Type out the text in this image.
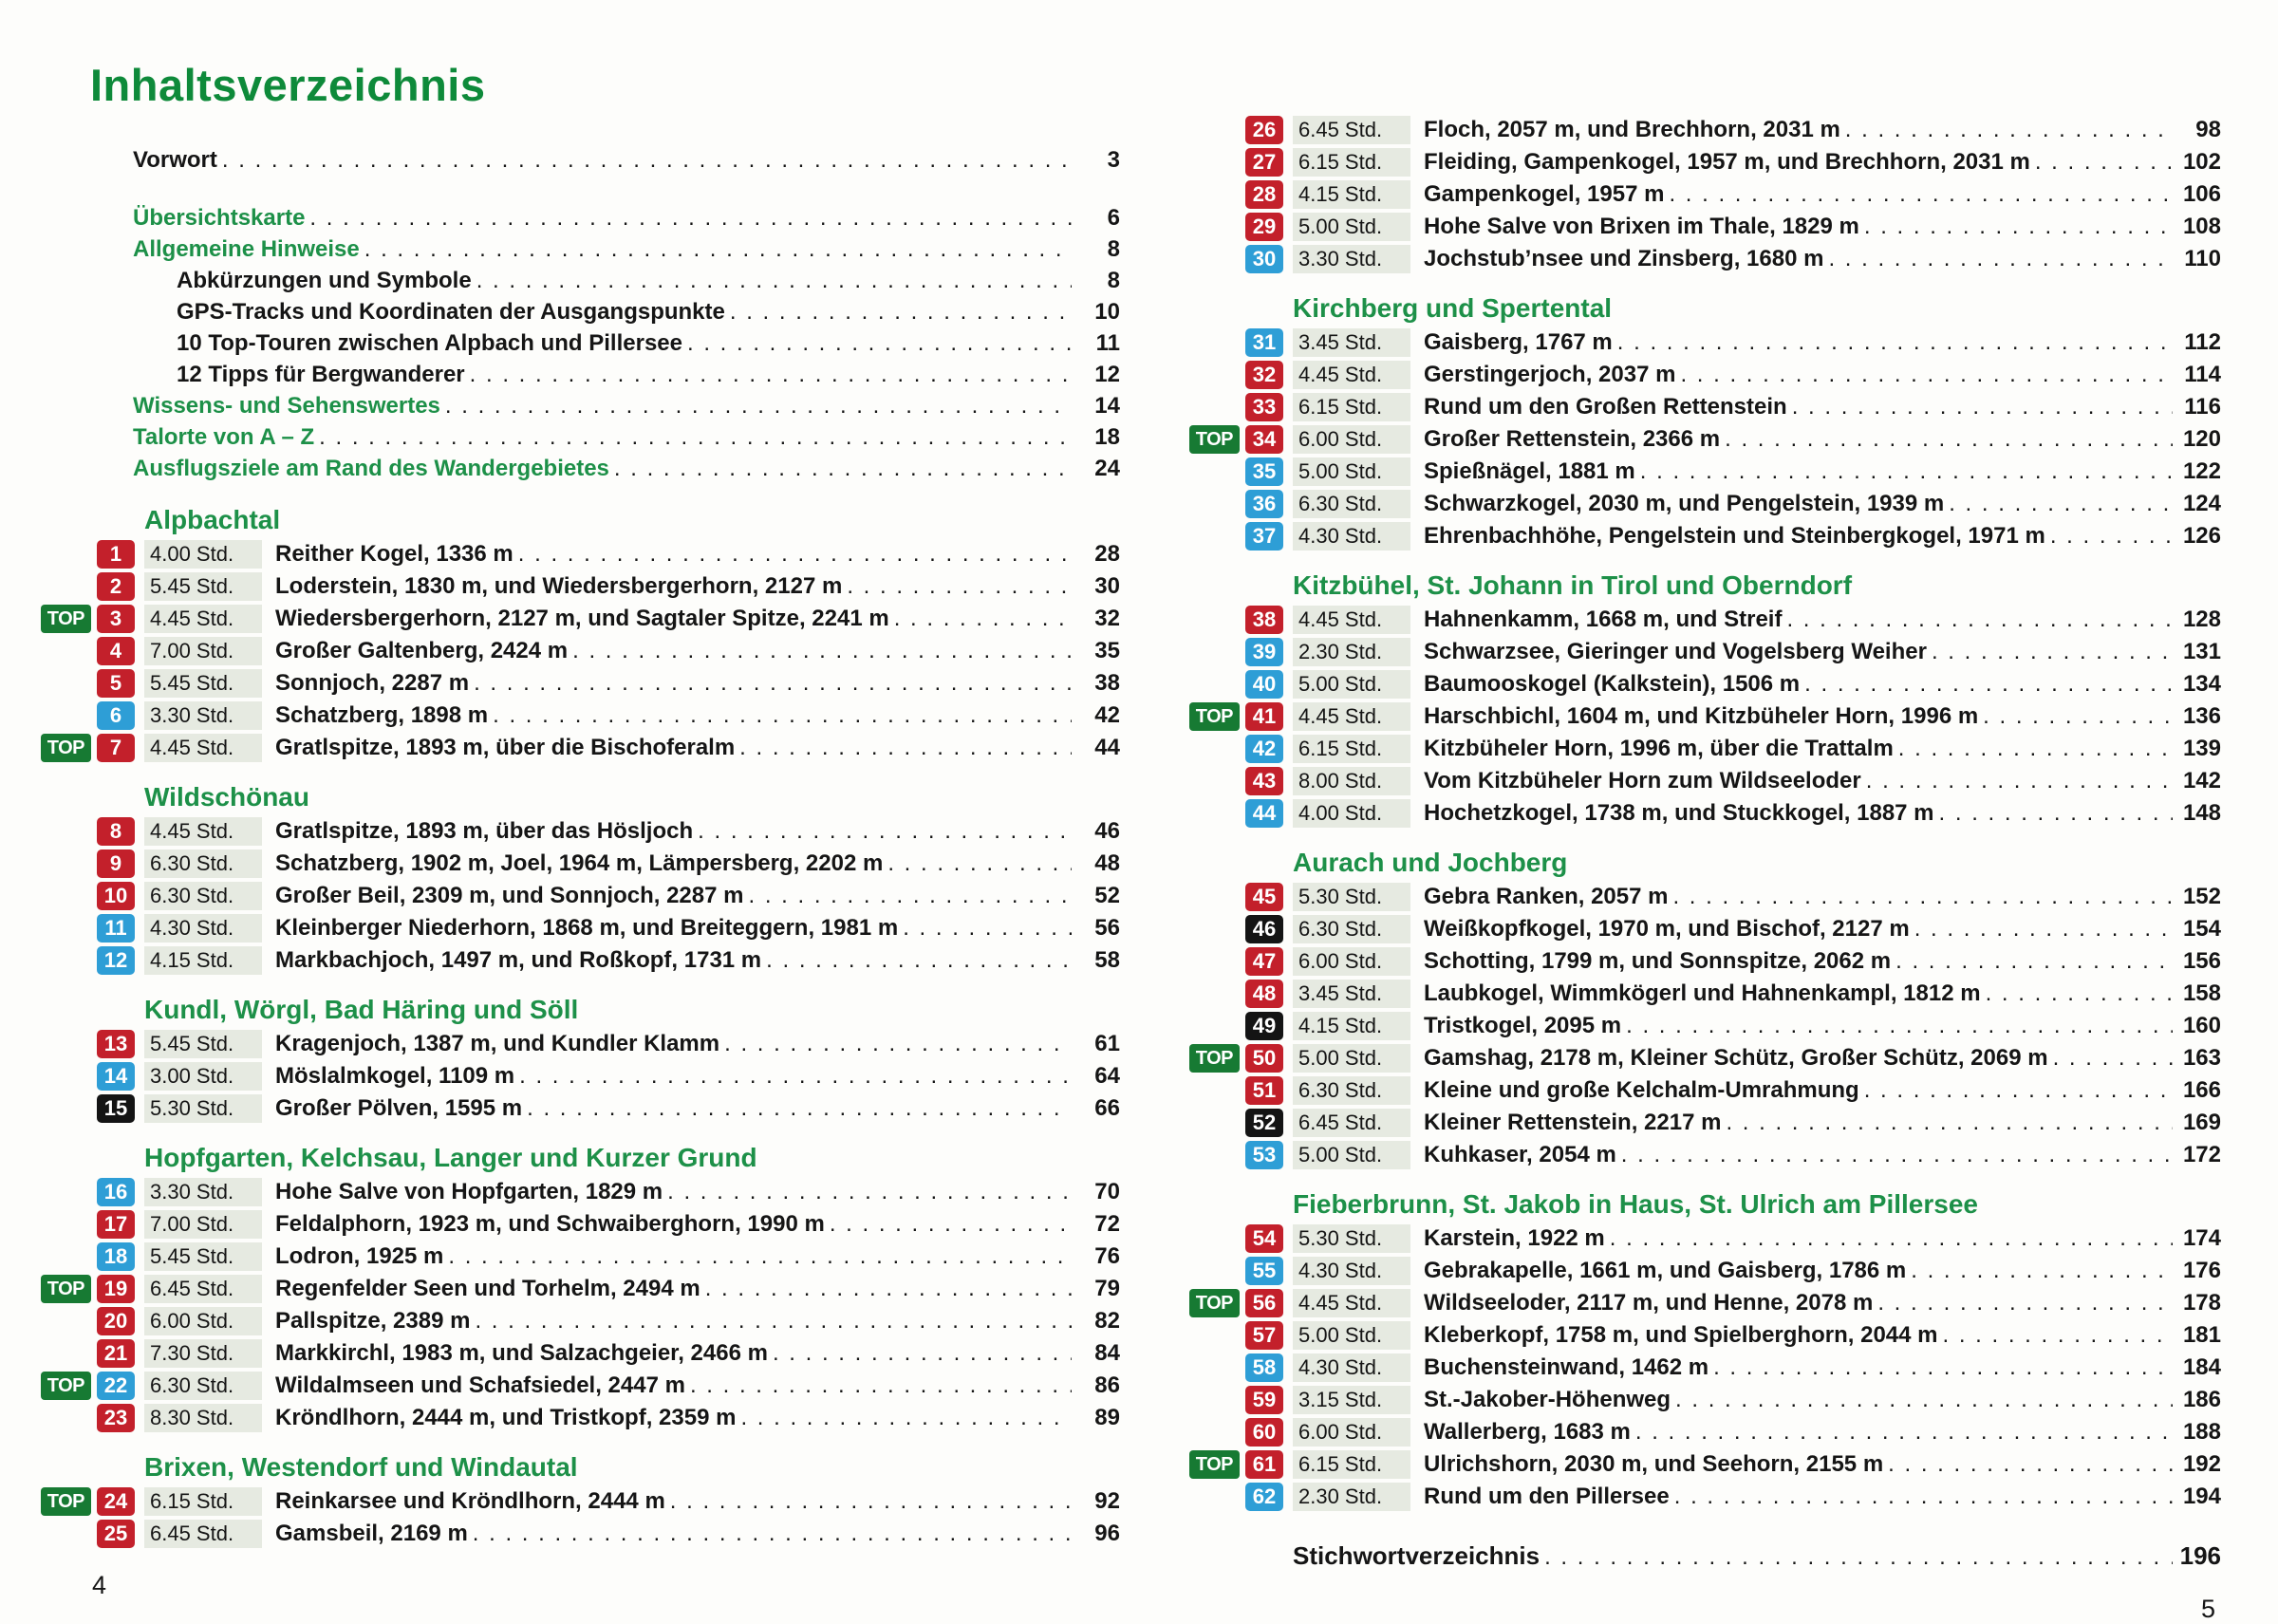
Inhaltsverzeichnis
Vorwort . . .	3
Übersichtskarte . . .	6
Allgemeine Hinweise . . .	8
Abkürzungen und Symbole . . .	8
GPS-Tracks und Koordinaten der Ausgangspunkte . . .	10
10 Top-Touren zwischen Alpbach und Pillersee . . .	11
12 Tipps für Bergwanderer . . .	12
Wissens- und Sehenswertes . . .	14
Talorte von A – Z . . .	18
Ausflugsziele am Rand des Wandergebietes . . .	24
Alpbachtal
1	4.00 Std.	Reither Kogel, 1336 m . . .	28
2	5.45 Std.	Loderstein, 1830 m, und Wiedersbergerhorn, 2127 m . . .	30
TOP	3	4.45 Std.	Wiedersbergerhorn, 2127 m, und Sagtaler Spitze, 2241 m . . .	32
4	7.00 Std.	Großer Galtenberg, 2424 m . . .	35
5	5.45 Std.	Sonnjoch, 2287 m . . .	38
6	3.30 Std.	Schatzberg, 1898 m . . .	42
TOP	7	4.45 Std.	Gratlspitze, 1893 m, über die Bischoferalm . . .	44
Wildschönau
8	4.45 Std.	Gratlspitze, 1893 m, über das Hösljoch . . .	46
9	6.30 Std.	Schatzberg, 1902 m, Joel, 1964 m, Lämpersberg, 2202 m . . .	48
10	6.30 Std.	Großer Beil, 2309 m, und Sonnjoch, 2287 m . . .	52
11	4.30 Std.	Kleinberger Niederhorn, 1868 m, und Breiteggern, 1981 m . . .	56
12	4.15 Std.	Markbachjoch, 1497 m, und Roßkopf, 1731 m . . .	58
Kundl, Wörgl, Bad Häring und Söll
13	5.45 Std.	Kragenjoch, 1387 m, und Kundler Klamm . . .	61
14	3.00 Std.	Möslalmkogel, 1109 m . . .	64
15	5.30 Std.	Großer Pölven, 1595 m . . .	66
Hopfgarten, Kelchsau, Langer und Kurzer Grund
16	3.30 Std.	Hohe Salve von Hopfgarten, 1829 m . . .	70
17	7.00 Std.	Feldalphorn, 1923 m, und Schwaiberghorn, 1990 m . . .	72
18	5.45 Std.	Lodron, 1925 m . . .	76
TOP 19	6.45 Std.	Regenfelder Seen und Torhelm, 2494 m . . .	79
20	6.00 Std.	Pallspitze, 2389 m . . .	82
21	7.30 Std.	Markkirchl, 1983 m, und Salzachgeier, 2466 m . . .	84
TOP 22	6.30 Std.	Wildalmseen und Schafsiedel, 2447 m . . .	86
23	8.30 Std.	Kröndlhorn, 2444 m, und Tristkopf, 2359 m . . .	89
Brixen, Westendorf und Windautal
TOP 24	6.15 Std.	Reinkarsee und Kröndlhorn, 2444 m . . .	92
25	6.45 Std.	Gamsbeil, 2169 m . . .	96
4
26	6.45 Std.	Floch, 2057 m, und Brechhorn, 2031 m . . .	98
27	6.15 Std.	Fleiding, Gampenkogel, 1957 m, und Brechhorn, 2031 m . . .	102
28	4.15 Std.	Gampenkogel, 1957 m . . .	106
29	5.00 Std.	Hohe Salve von Brixen im Thale, 1829 m . . .	108
30	3.30 Std.	Jochstub’nsee und Zinsberg, 1680 m . . .	110
Kirchberg und Spertental
31	3.45 Std.	Gaisberg, 1767 m . . .	112
32	4.45 Std.	Gerstingerjoch, 2037 m . . .	114
33	6.15 Std.	Rund um den Großen Rettenstein . . .	116
TOP 34	6.00 Std.	Großer Rettenstein, 2366 m . . .	120
35	5.00 Std.	Spießnägel, 1881 m . . .	122
36	6.30 Std.	Schwarzkogel, 2030 m, und Pengelstein, 1939 m . . .	124
37	4.30 Std.	Ehrenbachhöhe, Pengelstein und Steinbergkogel, 1971 m . . .	126
Kitzbühel, St. Johann in Tirol und Oberndorf
38	4.45 Std.	Hahnenkamm, 1668 m, und Streif . . .	128
39	2.30 Std.	Schwarzsee, Gieringer und Vogelsberg Weiher . . .	131
40	5.00 Std.	Baumooskogel (Kalkstein), 1506 m . . .	134
TOP 41	4.45 Std.	Harschbichl, 1604 m, und Kitzbüheler Horn, 1996 m . . .	136
42	6.15 Std.	Kitzbüheler Horn, 1996 m, über die Trattalm . . .	139
43	8.00 Std.	Vom Kitzbüheler Horn zum Wildseeloder . . .	142
44	4.00 Std.	Hochetzkogel, 1738 m, und Stuckkogel, 1887 m . . .	148
Aurach und Jochberg
45	5.30 Std.	Gebra Ranken, 2057 m . . .	152
46	6.30 Std.	Weißkopfkogel, 1970 m, und Bischof, 2127 m . . .	154
47	6.00 Std.	Schotting, 1799 m, und Sonnspitze, 2062 m . . .	156
48	3.45 Std.	Laubkogel, Wimmkögerl und Hahnenkampl, 1812 m . . .	158
49	4.15 Std.	Tristkogel, 2095 m . . .	160
TOP 50	5.00 Std.	Gamshag, 2178 m, Kleiner Schütz, Großer Schütz, 2069 m . . .	163
51	6.30 Std.	Kleine und große Kelchalm-Umrahmung . . .	166
52	6.45 Std.	Kleiner Rettenstein, 2217 m . . .	169
53	5.00 Std.	Kuhkaser, 2054 m . . .	172
Fieberbrunn, St. Jakob in Haus, St. Ulrich am Pillersee
54	5.30 Std.	Karstein, 1922 m . . .	174
55	4.30 Std.	Gebrakapelle, 1661 m, und Gaisberg, 1786 m . . .	176
TOP 56	4.45 Std.	Wildseeloder, 2117 m, und Henne, 2078 m . . .	178
57	5.00 Std.	Kleberkopf, 1758 m, und Spielberghorn, 2044 m . . .	181
58	4.30 Std.	Buchensteinwand, 1462 m . . .	184
59	3.15 Std.	St.-Jakober-Höhenweg . . .	186
60	6.00 Std.	Wallerberg, 1683 m . . .	188
TOP 61	6.15 Std.	Ulrichshorn, 2030 m, und Seehorn, 2155 m . . .	192
62	2.30 Std.	Rund um den Pillersee . . .	194
Stichwortverzeichnis . . .	196
5
